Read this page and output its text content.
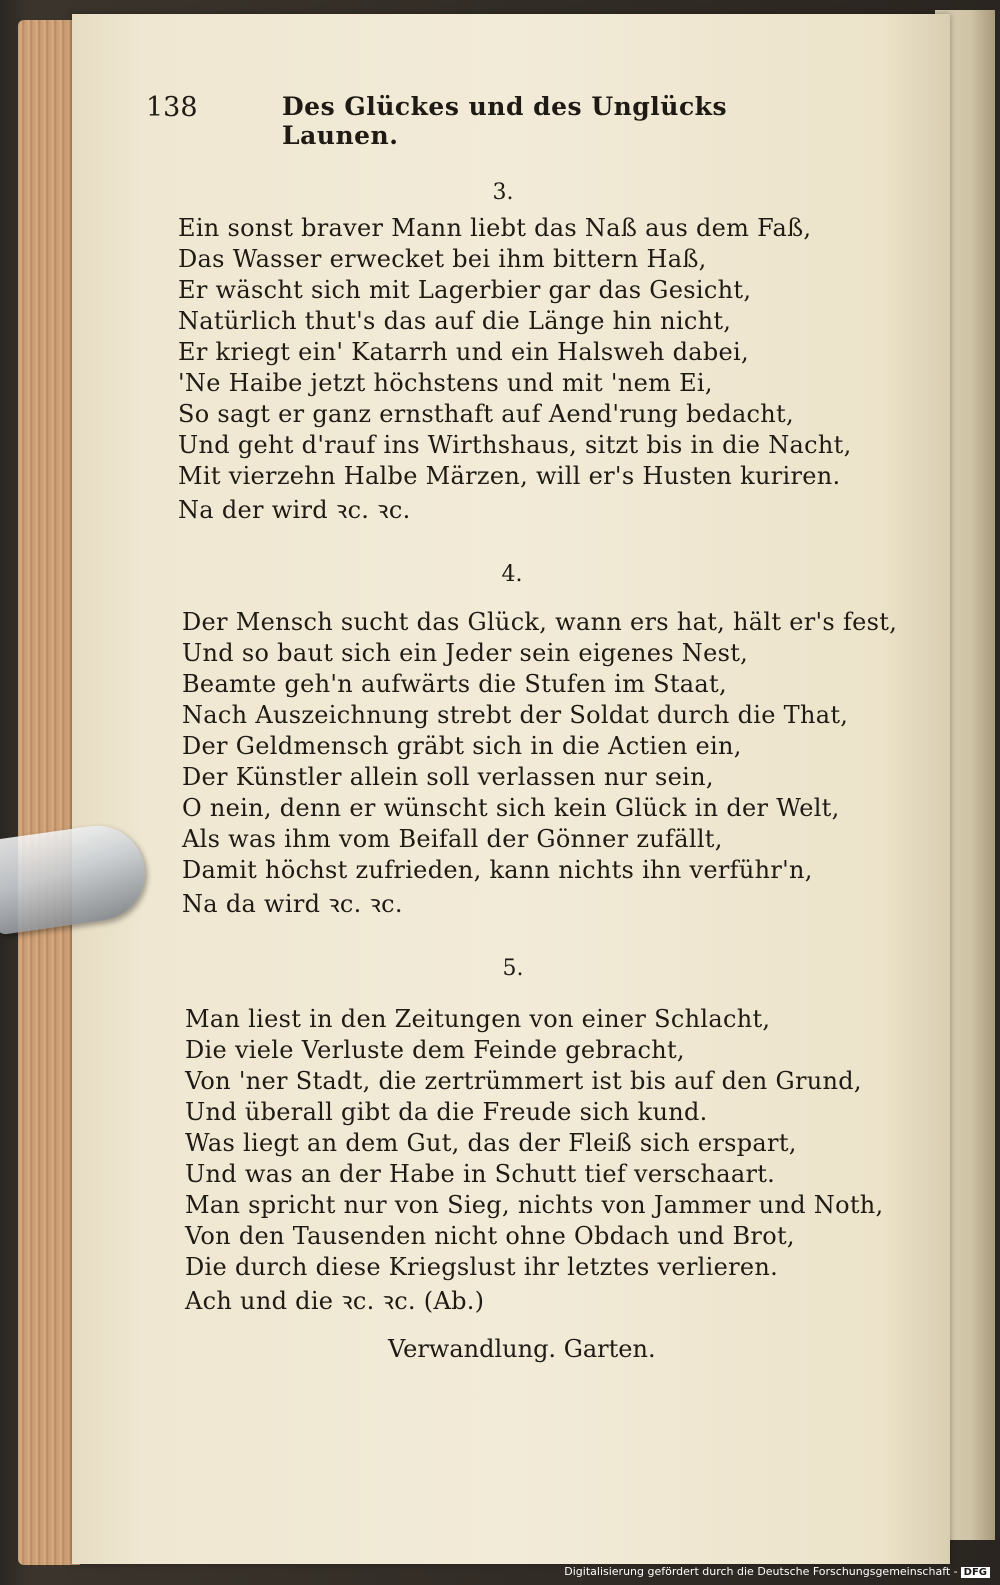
138	Des Glückes und des Unglücks Launen.
3.
Ein sonst braver Mann liebt das Naß aus dem Faß,
Das Wasser erwecket bei ihm bittern Haß,
Er wäscht sich mit Lagerbier gar das Gesicht,
Natürlich thut's das auf die Länge hin nicht,
Er kriegt ein' Katarrh und ein Halsweh dabei,
'Ne Haibe jetzt höchstens und mit 'nem Ei,
So sagt er ganz ernsthaft auf Aend'rung bedacht,
Und geht d'rauf ins Wirthshaus, sitzt bis in die Nacht,
Mit vierzehn Halbe Märzen, will er's Husten kuriren.
Na der wird ꝛc. ꝛc.
4.
Der Mensch sucht das Glück, wann ers hat, hält er's fest,
Und so baut sich ein Jeder sein eigenes Nest,
Beamte geh'n aufwärts die Stufen im Staat,
Nach Auszeichnung strebt der Soldat durch die That,
Der Geldmensch gräbt sich in die Actien ein,
Der Künstler allein soll verlassen nur sein,
O nein, denn er wünscht sich kein Glück in der Welt,
Als was ihm vom Beifall der Gönner zufällt,
Damit höchst zufrieden, kann nichts ihn verführ'n,
Na da wird ꝛc. ꝛc.
5.
Man liest in den Zeitungen von einer Schlacht,
Die viele Verluste dem Feinde gebracht,
Von 'ner Stadt, die zertrümmert ist bis auf den Grund,
Und überall gibt da die Freude sich kund.
Was liegt an dem Gut, das der Fleiß sich erspart,
Und was an der Habe in Schutt tief verschaart.
Man spricht nur von Sieg, nichts von Jammer und Noth,
Von den Tausenden nicht ohne Obdach und Brot,
Die durch diese Kriegslust ihr letztes verlieren.
Ach und die ꝛc. ꝛc. (Ab.)
Verwandlung. Garten.
Digitalisierung gefördert durch die Deutsche Forschungsgemeinschaft - DFG
